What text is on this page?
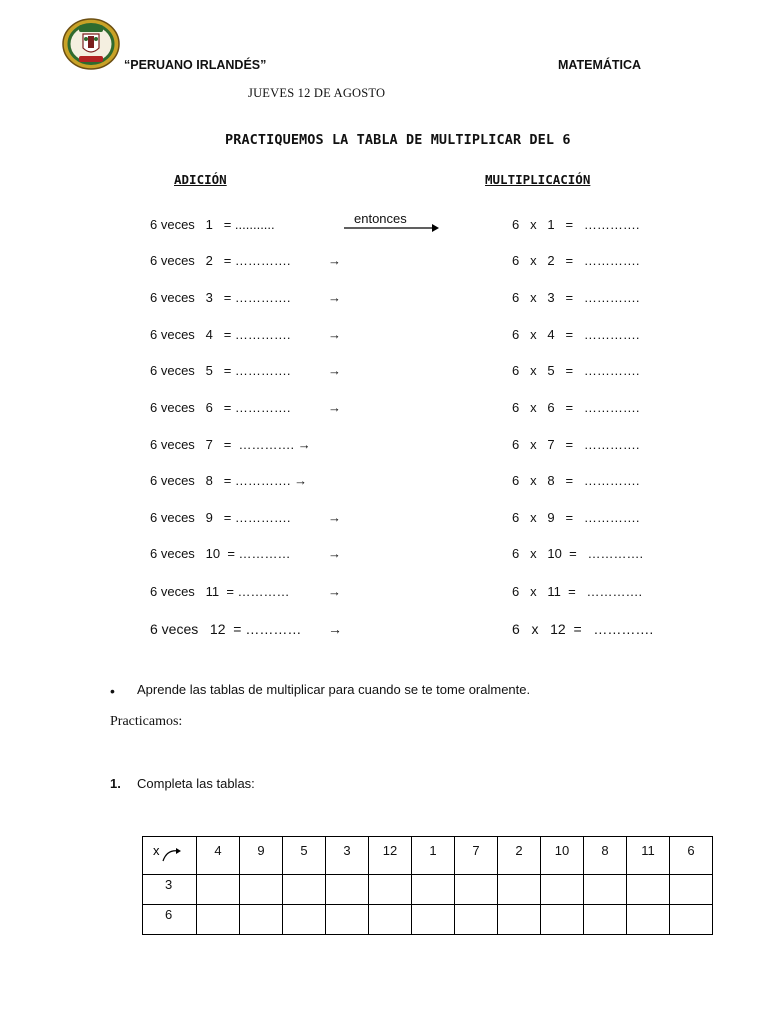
“PERUANO IRLANDÉS”	MATEMÁTICA
JUEVES 12 DE AGOSTO
PRACTIQUEMOS LA TABLA DE MULTIPLICAR DEL 6
ADICIÓN	MULTIPLICACIÓN
entonces
6 veces   1   = ...........	6   x   1   =   ………….
6 veces   2   = ………….	→	6   x   2   =   ………….
6 veces   3   = ………….	→	6   x   3   =   ………….
6 veces   4   = ………….	→	6   x   4   =   ………….
6 veces   5   = ………….	→	6   x   5   =   ………….
6 veces   6   = ………….	→	6   x   6   =   ………….
6 veces   7   =  …………. →	6   x   7   =   ………….
6 veces   8   = …………. →	6   x   8   =   ………….
6 veces   9   = ………….	→	6   x   9   =   ………….
6 veces   10  = …………	→	6   x   10  =   ………….
6 veces   11  = …………	→	6   x   11  =   ………….
6 veces   12  = ………… →	6   x   12  =   ………….
• Aprende las tablas de multiplicar para cuando se te tome oralmente.
Practicamos:
1. Completa las tablas:
x	4	9	5	3	12	1	7	2	10	8	11	6
3												
6												
